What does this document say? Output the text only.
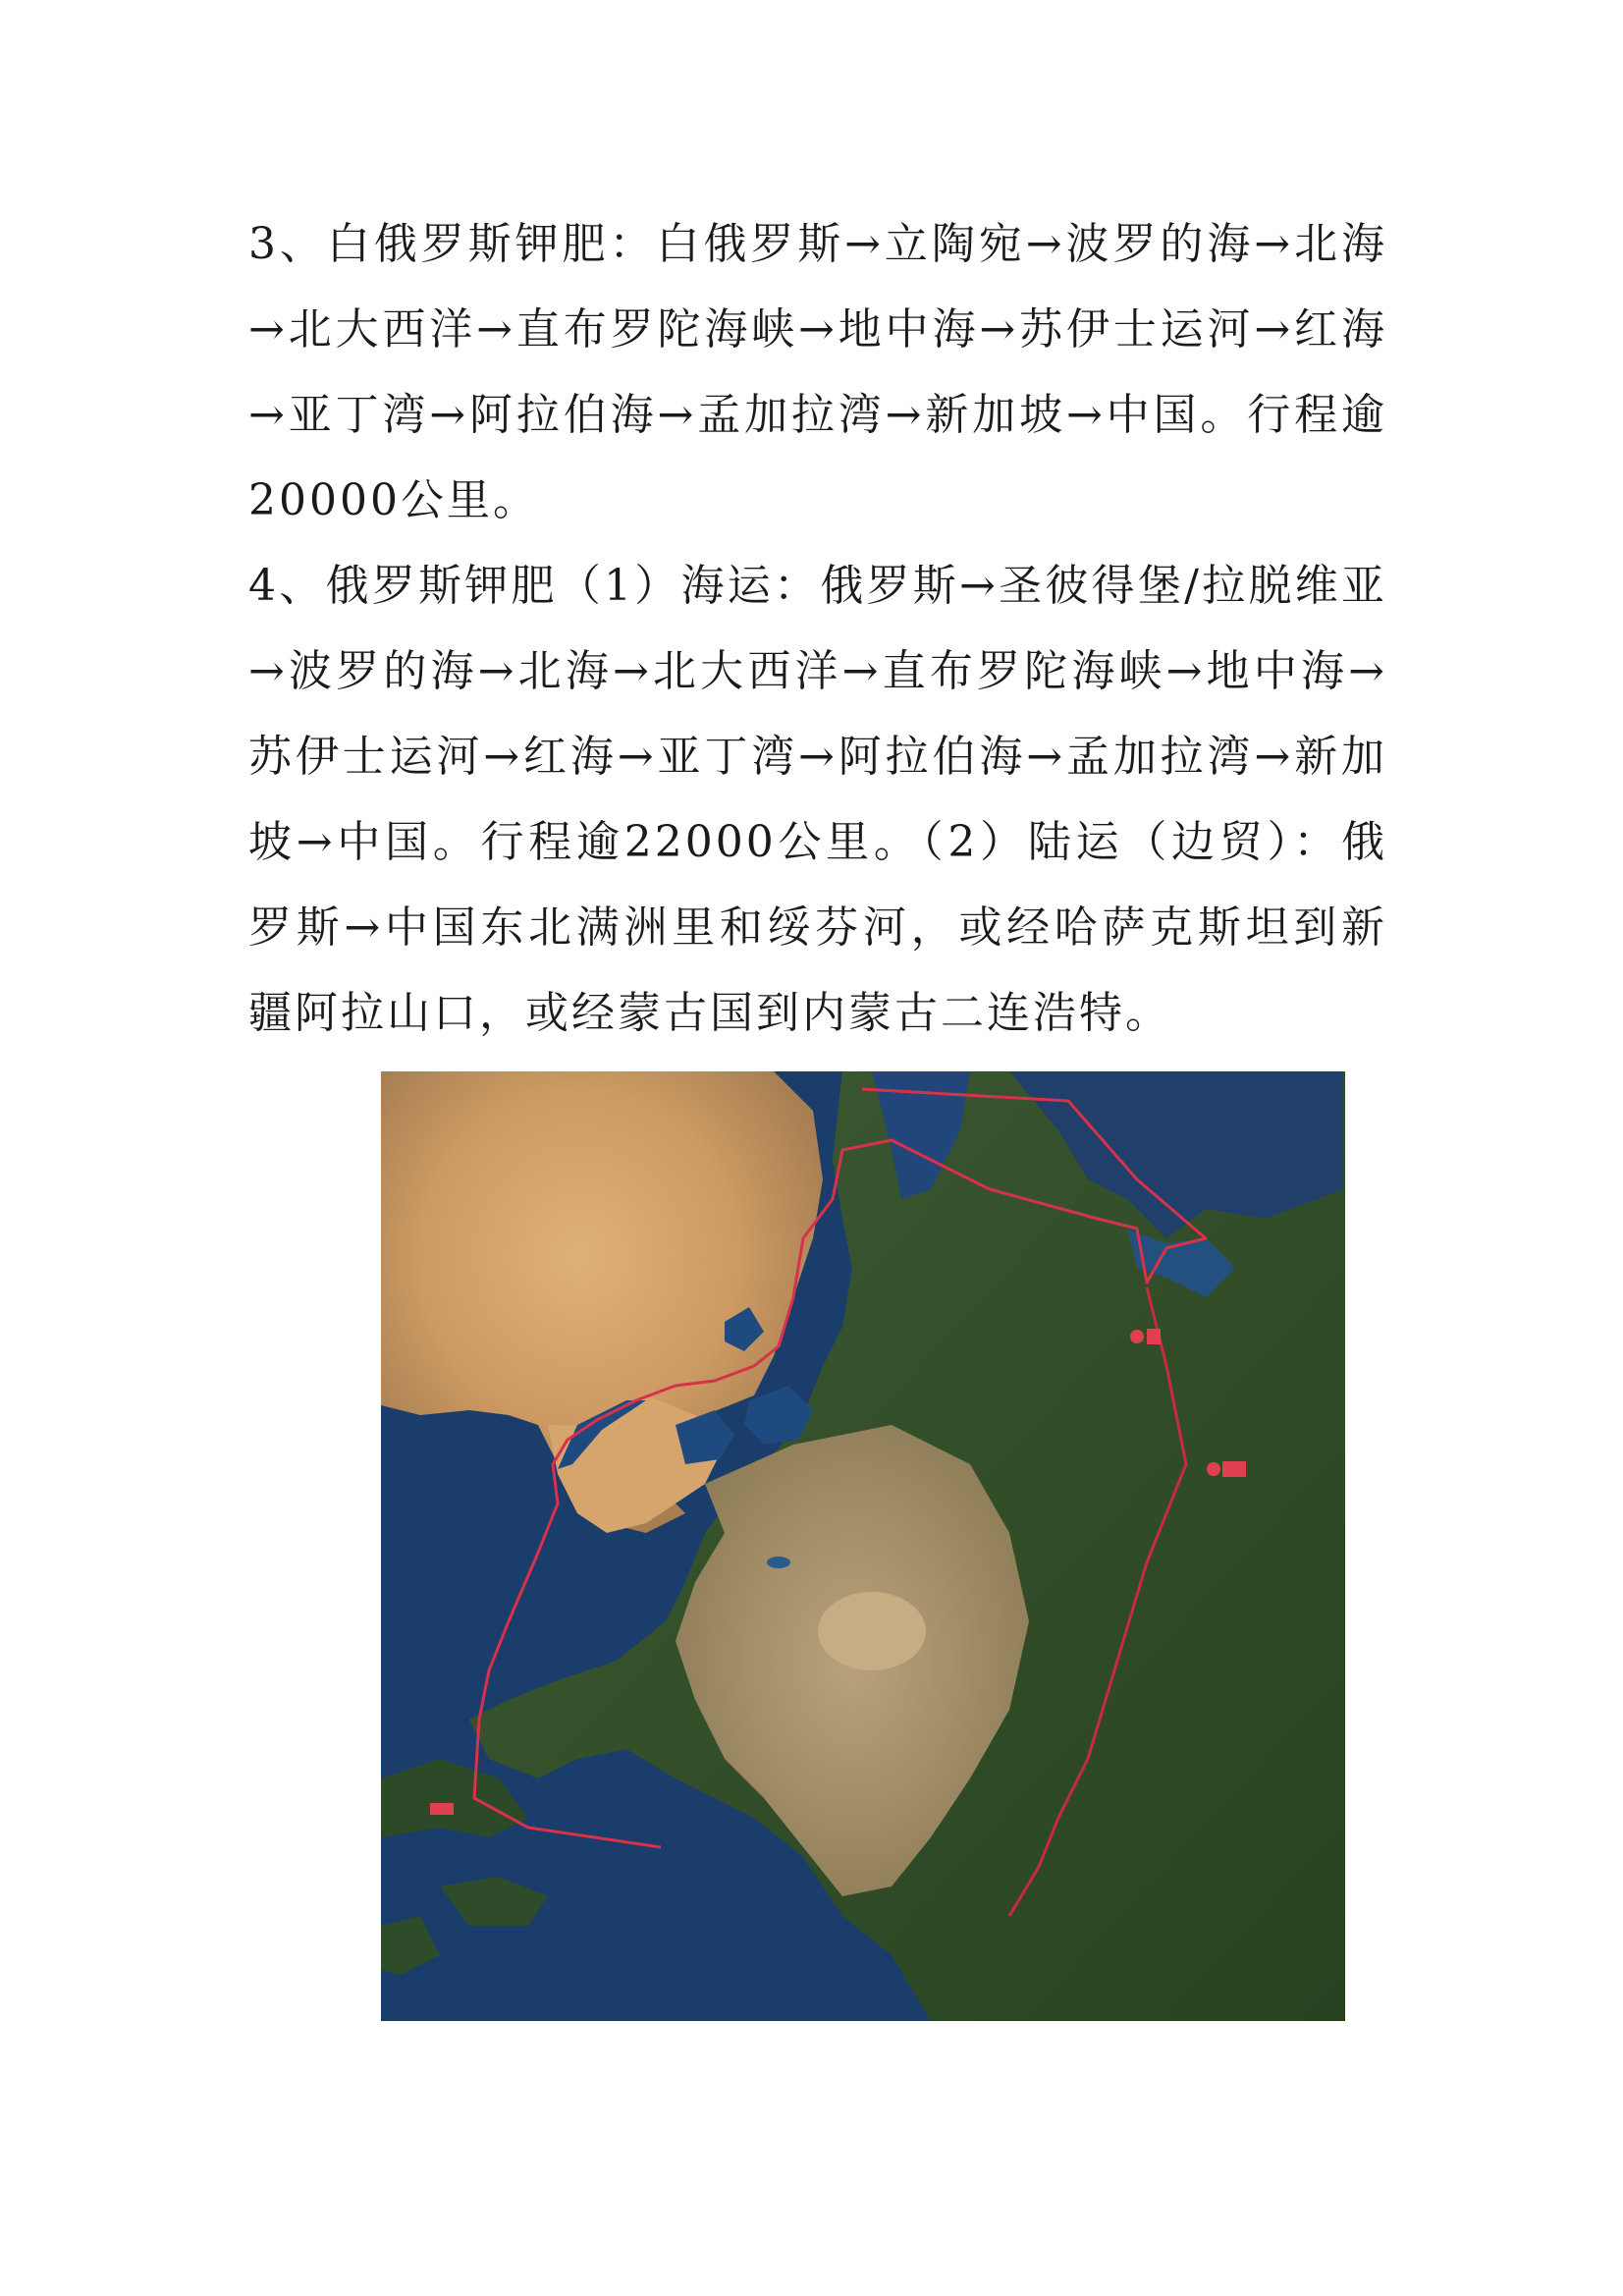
3、白俄罗斯钾肥：白俄罗斯→立陶宛→波罗的海→北海→北大西洋→直布罗陀海峡→地中海→苏伊士运河→红海→亚丁湾→阿拉伯海→孟加拉湾→新加坡→中国。行程逾20000公里。

4、俄罗斯钾肥（1）海运：俄罗斯→圣彼得堡/拉脱维亚→波罗的海→北海→北大西洋→直布罗陀海峡→地中海→苏伊士运河→红海→亚丁湾→阿拉伯海→孟加拉湾→新加坡→中国。行程逾22000公里。（2）陆运（边贸）：俄罗斯→中国东北满洲里和绥芬河，或经哈萨克斯坦到新疆阿拉山口，或经蒙古国到内蒙古二连浩特。
